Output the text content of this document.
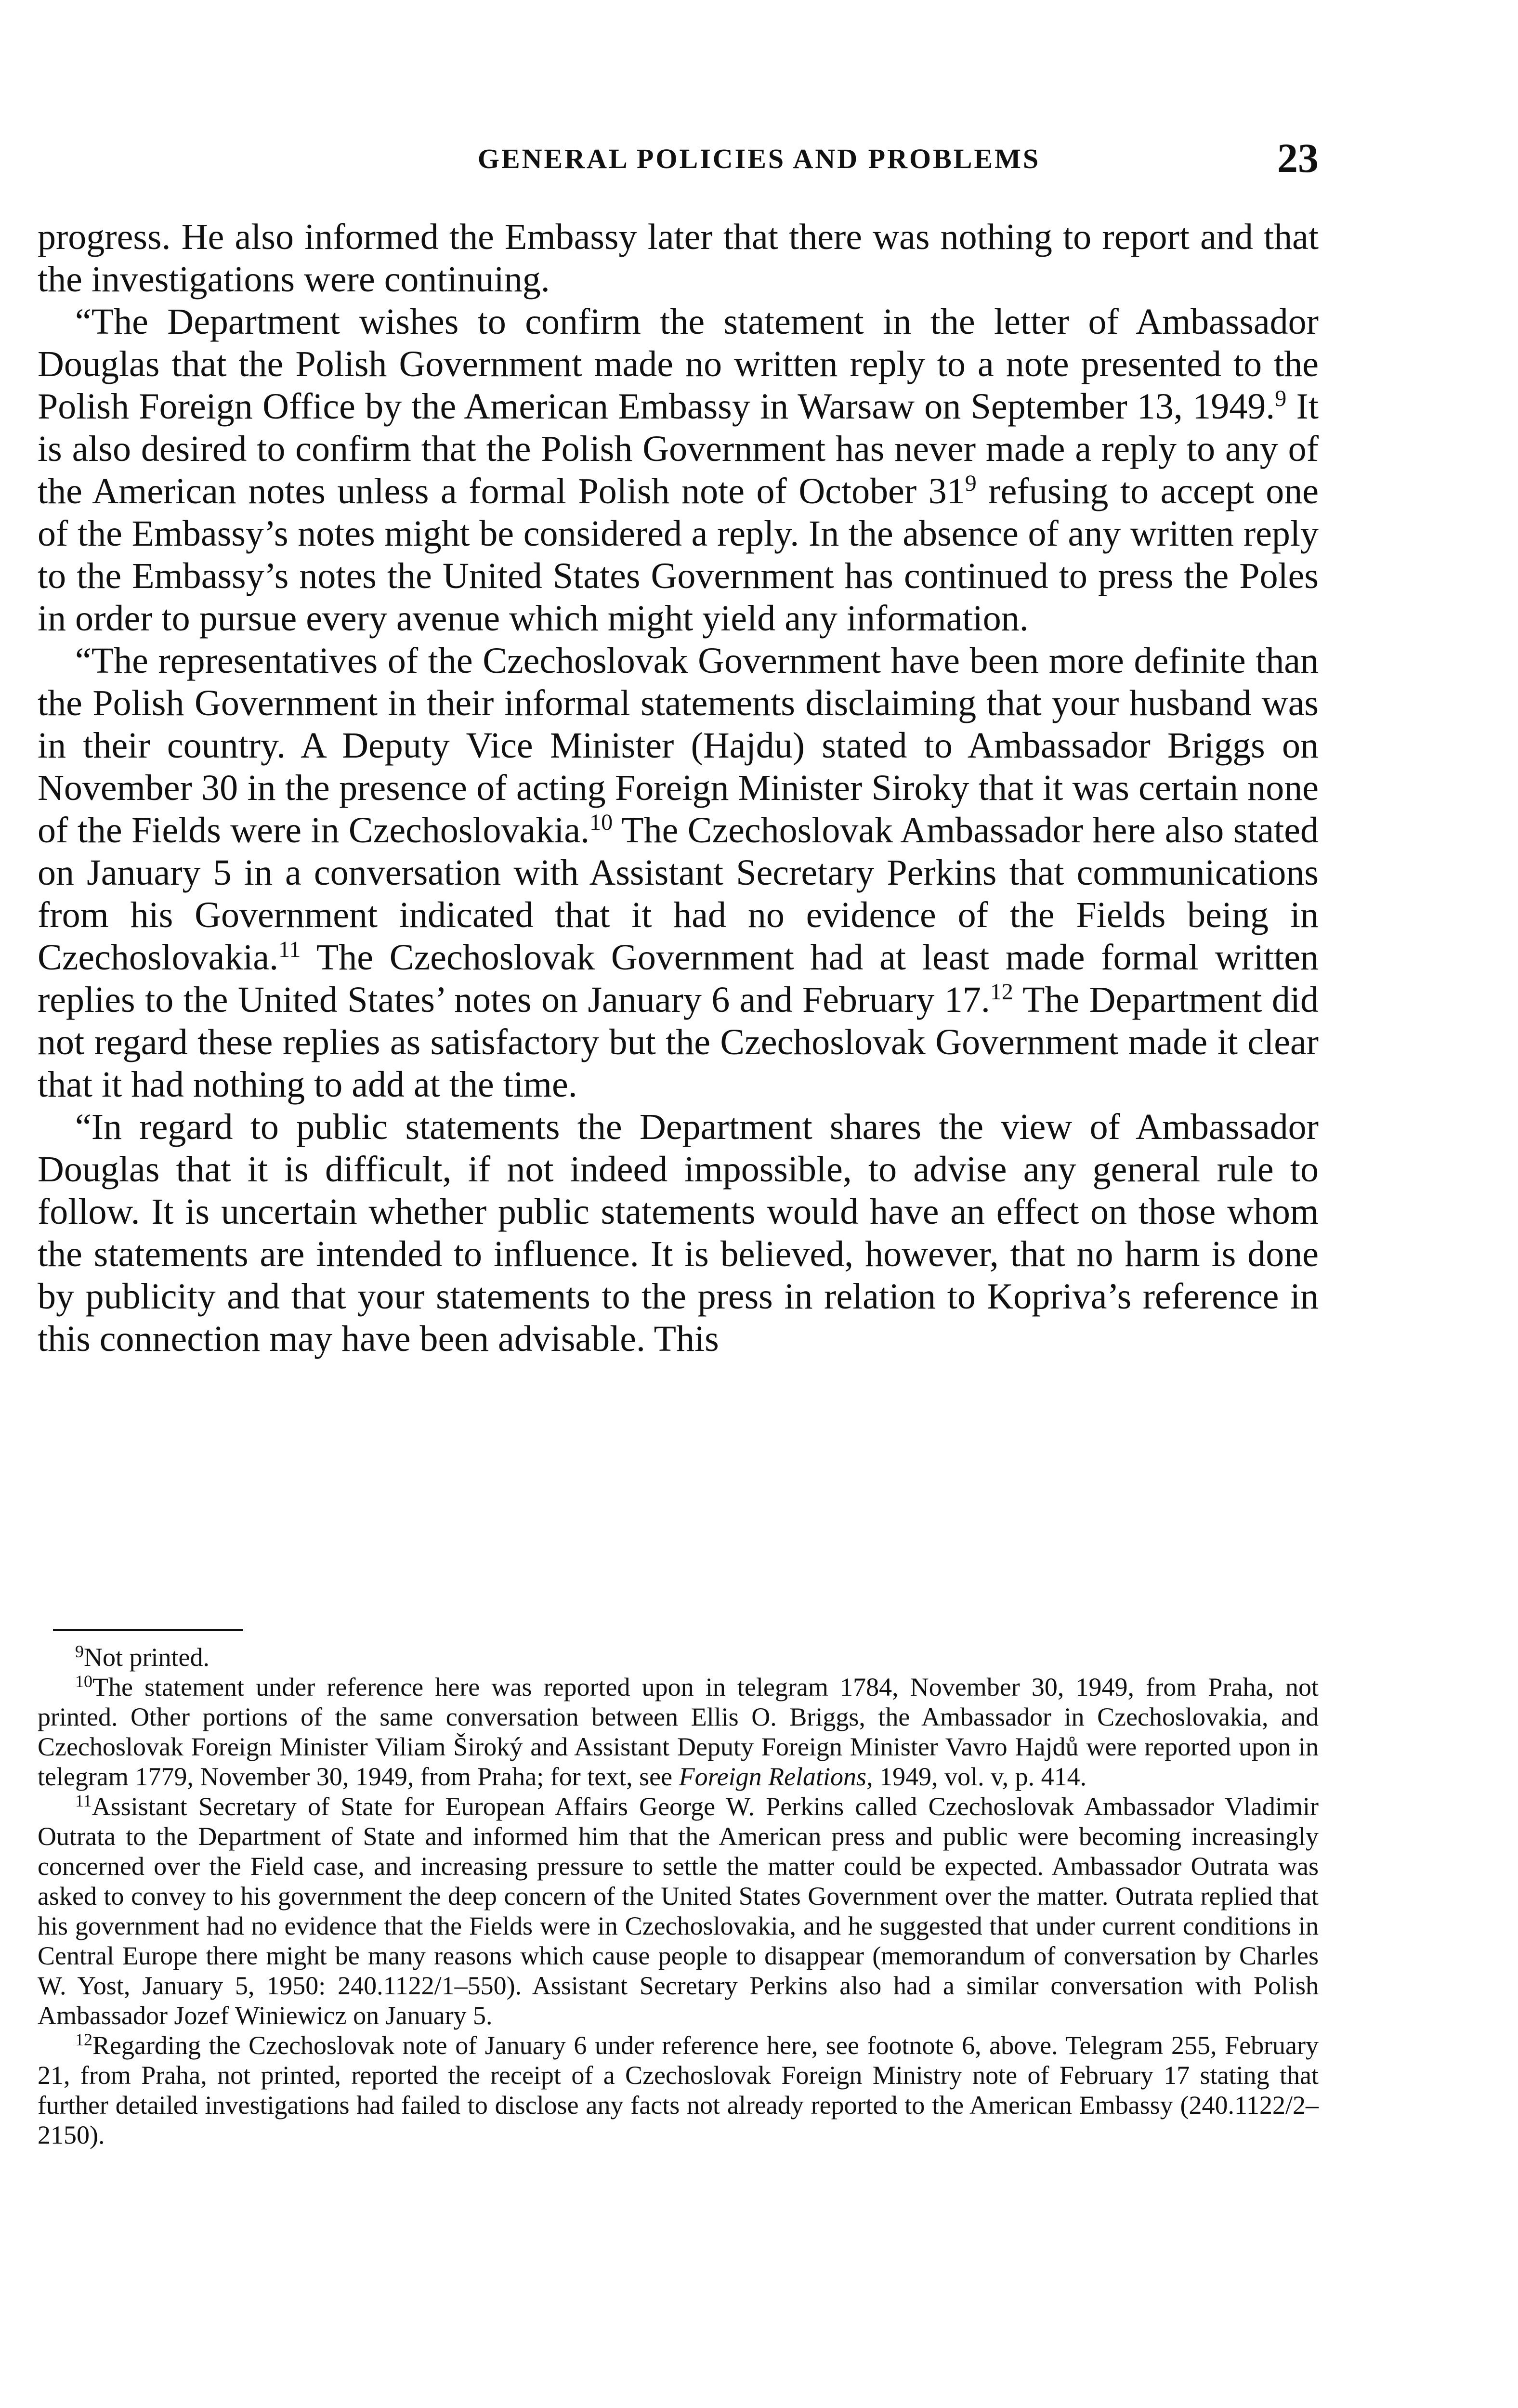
GENERAL POLICIES AND PROBLEMS	23

progress. He also informed the Embassy later that there was nothing to report and that the investigations were continuing.

“The Department wishes to confirm the statement in the letter of Ambassador Douglas that the Polish Government made no written reply to a note presented to the Polish Foreign Office by the American Embassy in Warsaw on September 13, 1949.$^9$ It is also desired to confirm that the Polish Government has never made a reply to any of the American notes unless a formal Polish note of October $31^9$ refusing to accept one of the Embassy’s notes might be considered a reply. In the absence of any written reply to the Embassy’s notes the United States Government has continued to press the Poles in order to pursue every avenue which might yield any information.

“The representatives of the Czechoslovak Government have been more definite than the Polish Government in their informal statements disclaiming that your husband was in their country. A Deputy Vice Minister (Hajdu) stated to Ambassador Briggs on November 30 in the presence of acting Foreign Minister Siroky that it was certain none of the Fields were in Czechoslovakia.$^{10}$ The Czechoslovak Ambassador here also stated on January 5 in a conversation with Assistant Secretary Perkins that communications from his Government indicated that it had no evidence of the Fields being in Czechoslovakia.$^{11}$ The Czechoslovak Government had at least made formal written replies to the United States’ notes on January 6 and February 17.12 The Department did not regard these replies as satisfactory but the Czechoslovak Government made it clear that it had nothing to add at the time.

“In regard to public statements the Department shares the view of Ambassador Douglas that it is difficult, if not indeed impossible, to advise any general rule to follow. It is uncertain whether public statements would have an effect on those whom the statements are intended to influence. It is believed, however, that no harm is done by publicity and that your statements to the press in relation to Kopriva’s reference in this connection may have been advisable. This

$^9$Not printed.

$^{10}$The statement under reference here was reported upon in telegram 1784, November 30, 1949, from Praha, not printed. Other portions of the same conversation between Ellis O. Briggs, the Ambassador in Czechoslovakia, and Czechoslovak Foreign Minister Viliam Široký and Assistant Deputy Foreign Minister Vavro Hajdů were reported upon in telegram 1779, November 30, 1949, from Praha; for text, see Foreign Relations, 1949, vol. v, p. 414.

$^{11}$Assistant Secretary of State for European Affairs George W. Perkins called Czechoslovak Ambassador Vladimir Outrata to the Department of State and informed him that the American press and public were becoming increasingly concerned over the Field case, and increasing pressure to settle the matter could be expected. Ambassador Outrata was asked to convey to his government the deep concern of the United States Government over the matter. Outrata replied that his government had no evidence that the Fields were in Czechoslovakia, and he suggested that under current conditions in Central Europe there might be many reasons which cause people to disappear (memorandum of conversation by Charles W. Yost, January 5, 1950: 240.1122/1–550). Assistant Secretary Perkins also had a similar conversation with Polish Ambassador Jozef Winiewicz on January 5.

$^{12}$Regarding the Czechoslovak note of January 6 under reference here, see footnote 6, above. Telegram 255, February 21, from Praha, not printed, reported the receipt of a Czechoslovak Foreign Ministry note of February 17 stating that further detailed investigations had failed to disclose any facts not already reported to the American Embassy (240.1122/2–2150).
